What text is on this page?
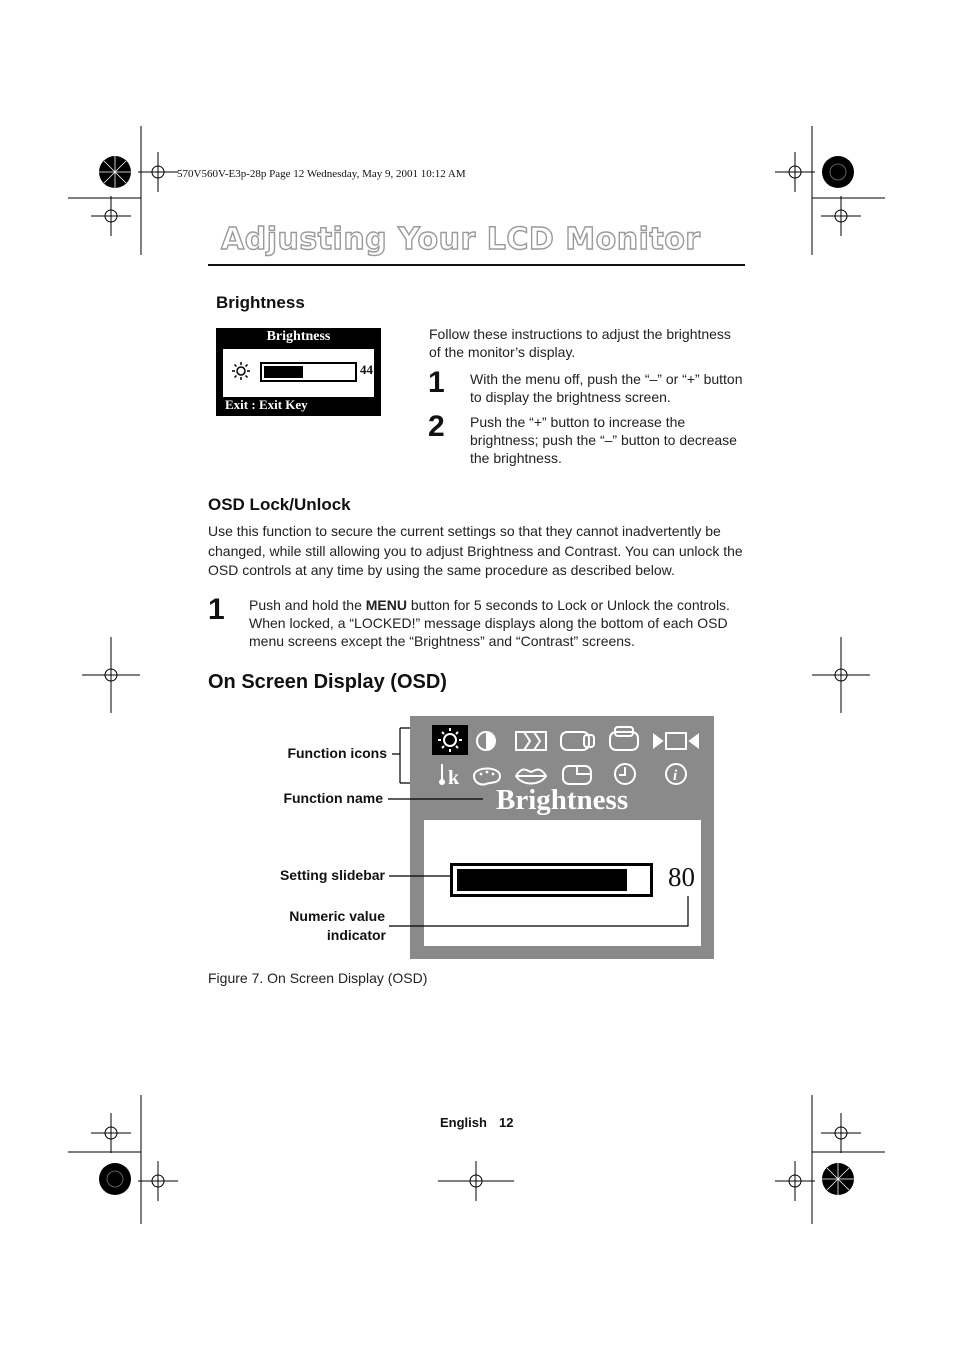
570V560V-E3p-28p Page 12 Wednesday, May 9, 2001 10:12 AM
Adjusting Your LCD Monitor
Brightness
Brightness
44
Exit : Exit Key
Follow these instructions to adjust the brightness of the monitor’s display.
1 With the menu off, push the “–” or “+” button to display the brightness screen.
2 Push the “+” button to increase the brightness; push the “–” button to decrease the brightness.
OSD Lock/Unlock
Use this function to secure the current settings so that they cannot inadvertently be changed, while still allowing you to adjust Brightness and Contrast. You can unlock the OSD controls at any time by using the same procedure as described below.
1 Push and hold the MENU button for 5 seconds to Lock or Unlock the controls. When locked, a “LOCKED!” message displays along the bottom of each OSD menu screens except the “Brightness” and “Contrast” screens.
On Screen Display (OSD)
k	i
Brightness
80
Function icons
Function name
Setting slidebar
Numeric value
indicator
Figure 7. On Screen Display (OSD)
English 12
